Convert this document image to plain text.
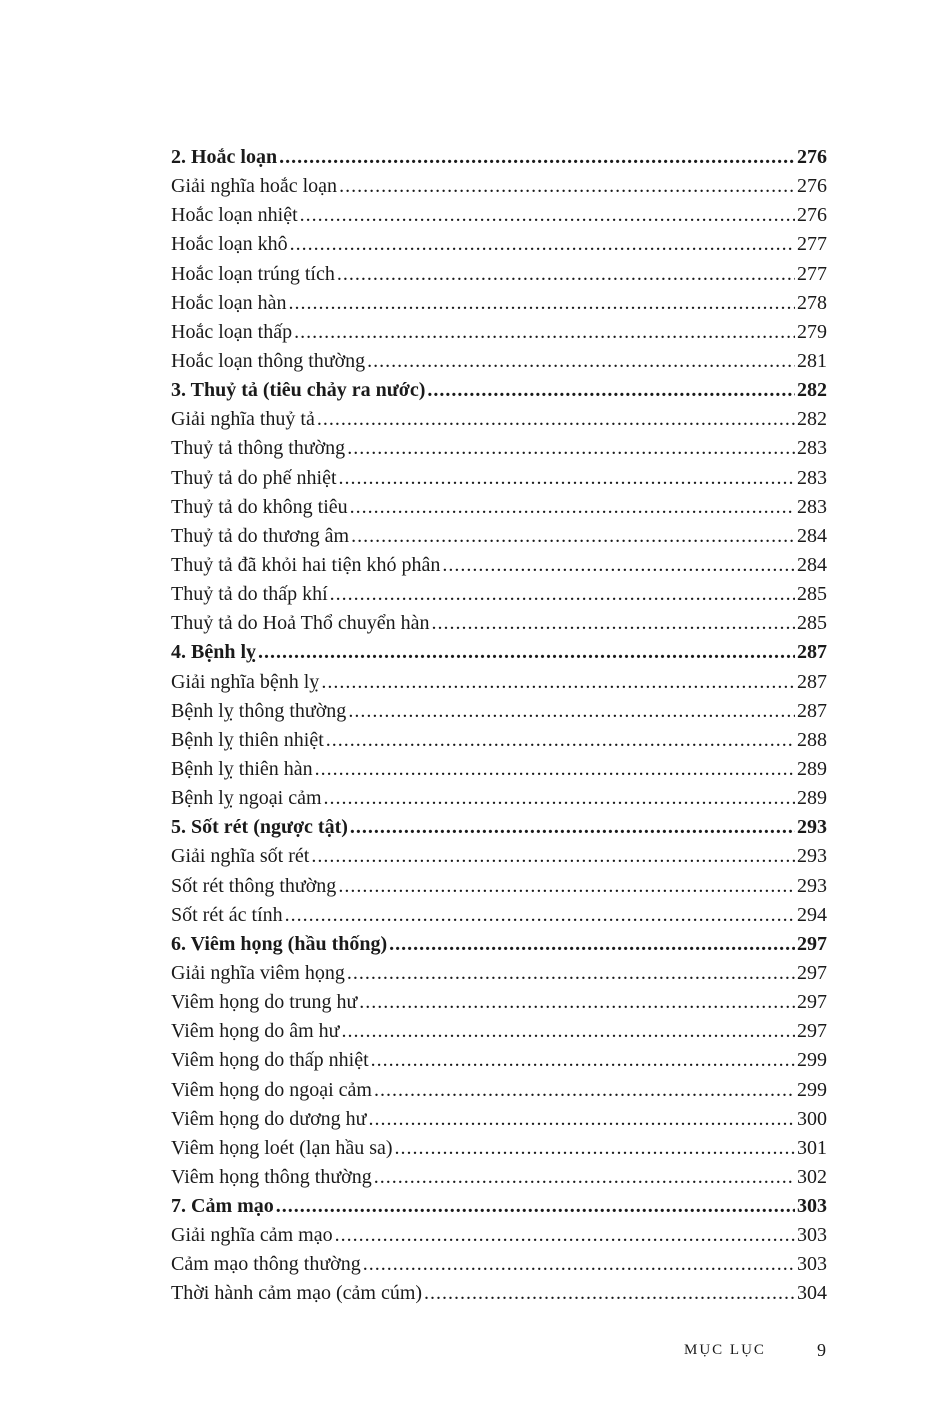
2. Hoắc loạn .....	276
Giải nghĩa hoắc loạn .....	276
Hoắc loạn nhiệt .....	276
Hoắc loạn khô .....	277
Hoắc loạn trúng tích .....	277
Hoắc loạn hàn .....	278
Hoắc loạn thấp .....	279
Hoắc loạn thông thường .....	281
3. Thuỷ tả (tiêu chảy ra nước) .....	282
Giải nghĩa thuỷ tả .....	282
Thuỷ tả thông thường .....	283
Thuỷ tả do phế nhiệt .....	283
Thuỷ tả do không tiêu .....	283
Thuỷ tả do thương âm .....	284
Thuỷ tả đã khỏi hai tiện khó phân .....	284
Thuỷ tả do thấp khí .....	285
Thuỷ tả do Hoả Thổ chuyển hàn .....	285
4. Bệnh lỵ .....	287
Giải nghĩa bệnh lỵ .....	287
Bệnh lỵ thông thường .....	287
Bệnh lỵ thiên nhiệt .....	288
Bệnh lỵ thiên hàn .....	289
Bệnh lỵ ngoại cảm .....	289
5. Sốt rét (ngược tật) .....	293
Giải nghĩa sốt rét .....	293
Sốt rét thông thường .....	293
Sốt rét ác tính .....	294
6. Viêm họng (hầu thống) .....	297
Giải nghĩa viêm họng .....	297
Viêm họng do trung hư .....	297
Viêm họng do âm hư .....	297
Viêm họng do thấp nhiệt .....	299
Viêm họng do ngoại cảm .....	299
Viêm họng do dương hư .....	300
Viêm họng loét (lạn hầu sa) .....	301
Viêm họng thông thường .....	302
7. Cảm mạo .....	303
Giải nghĩa cảm mạo .....	303
Cảm mạo thông thường .....	303
Thời hành cảm mạo (cảm cúm) .....	304
MỤC LỤC	9
